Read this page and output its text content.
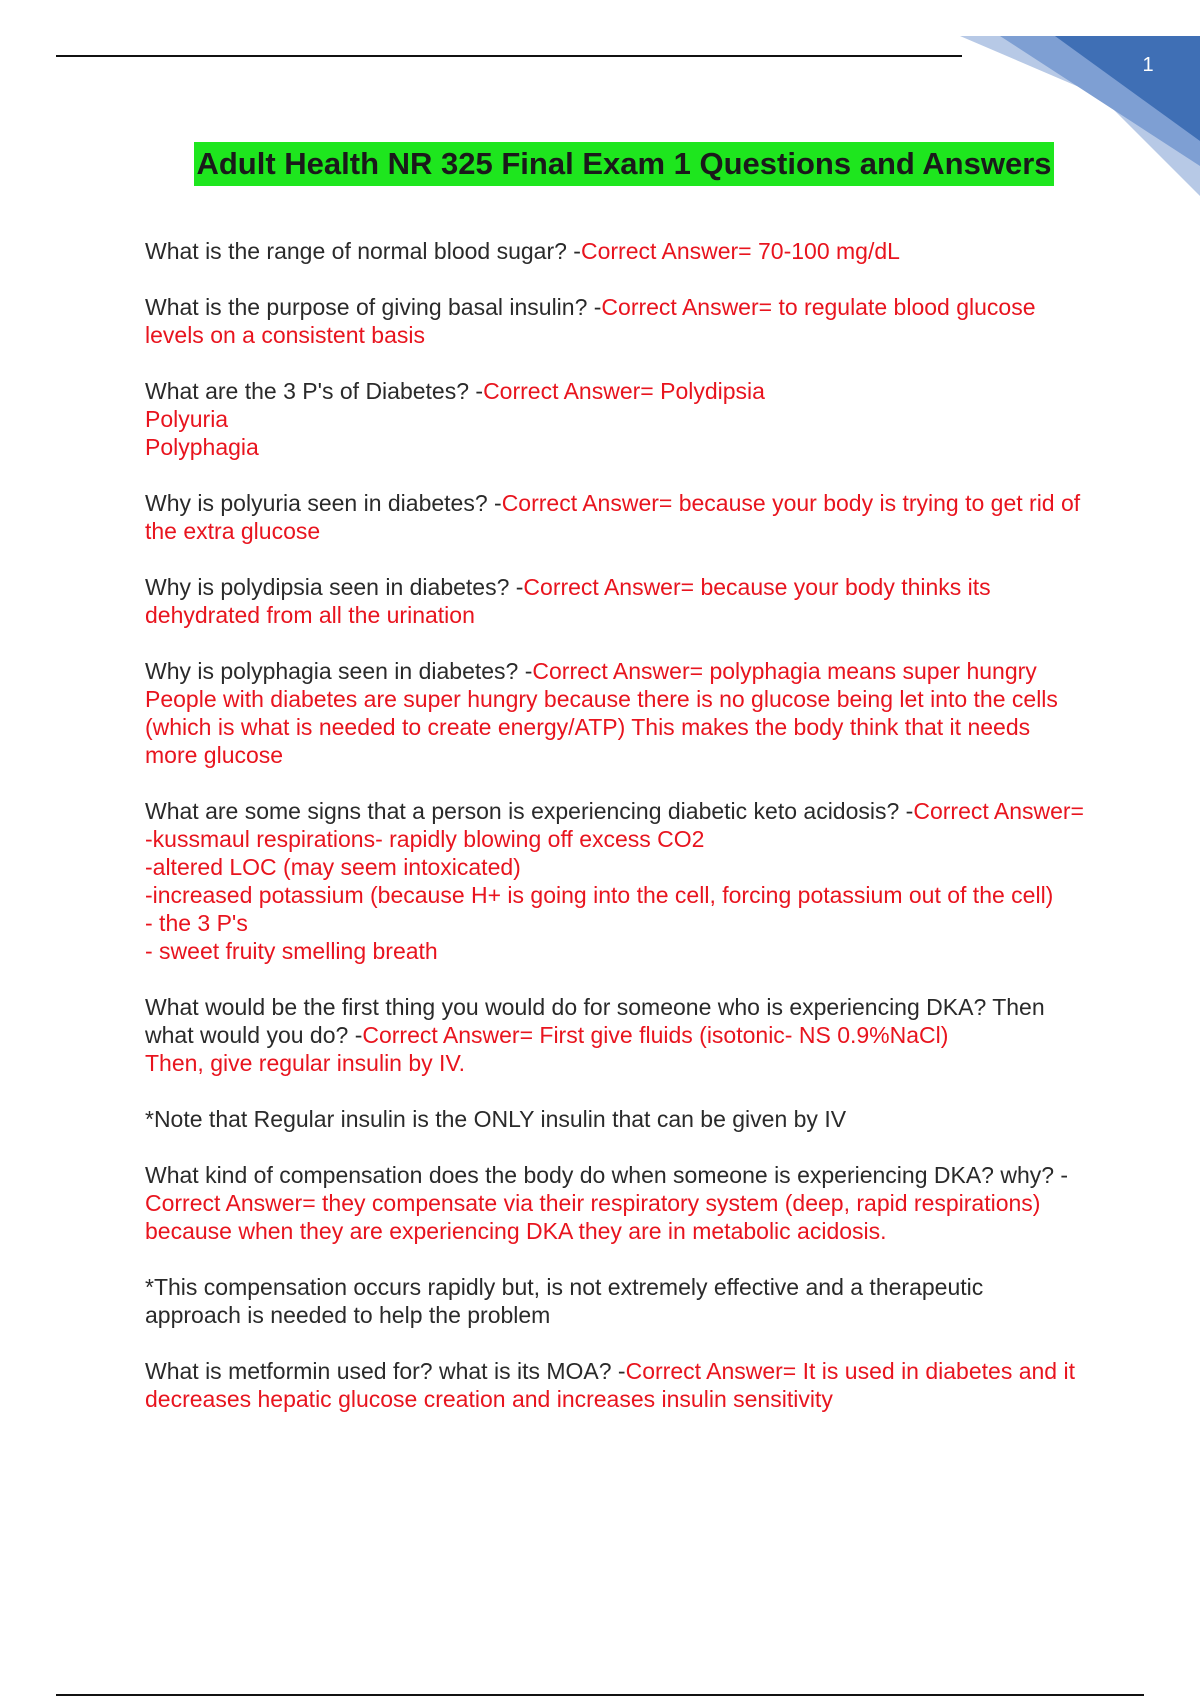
1
Adult Health NR 325 Final Exam 1 Questions and Answers
What is the range of normal blood sugar? -Correct Answer= 70-100 mg/dL
What is the purpose of giving basal insulin? -Correct Answer= to regulate blood glucose levels on a consistent basis
What are the 3 P's of Diabetes? -Correct Answer= Polydipsia
Polyuria
Polyphagia
Why is polyuria seen in diabetes? -Correct Answer= because your body is trying to get rid of the extra glucose
Why is polydipsia seen in diabetes? -Correct Answer= because your body thinks its dehydrated from all the urination
Why is polyphagia seen in diabetes? -Correct Answer= polyphagia means super hungry
People with diabetes are super hungry because there is no glucose being let into the cells (which is what is needed to create energy/ATP) This makes the body think that it needs more glucose
What are some signs that a person is experiencing diabetic keto acidosis? -Correct Answer= -kussmaul respirations- rapidly blowing off excess CO2
-altered LOC (may seem intoxicated)
-increased potassium (because H+ is going into the cell, forcing potassium out of the cell)
- the 3 P's
- sweet fruity smelling breath
What would be the first thing you would do for someone who is experiencing DKA? Then what would you do? -Correct Answer= First give fluids (isotonic- NS 0.9%NaCl)
Then, give regular insulin by IV.
*Note that Regular insulin is the ONLY insulin that can be given by IV
What kind of compensation does the body do when someone is experiencing DKA? why? -Correct Answer= they compensate via their respiratory system (deep, rapid respirations) because when they are experiencing DKA they are in metabolic acidosis.
*This compensation occurs rapidly but, is not extremely effective and a therapeutic approach is needed to help the problem
What is metformin used for? what is its MOA? -Correct Answer= It is used in diabetes and it decreases hepatic glucose creation and increases insulin sensitivity
